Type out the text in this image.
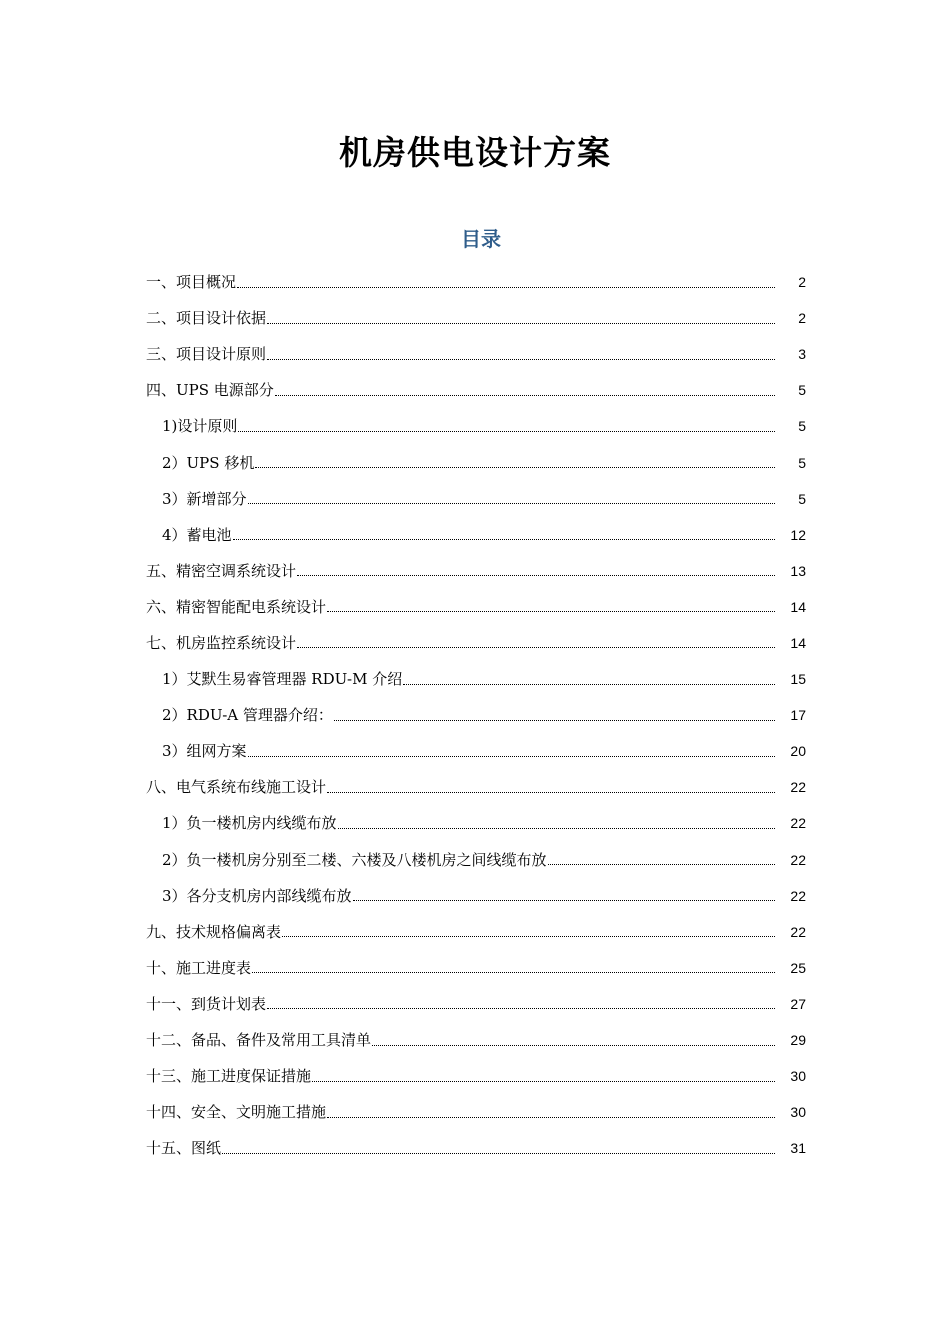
机房供电设计方案
目录
一、项目概况	2
二、项目设计依据	2
三、项目设计原则	3
四、UPS 电源部分	5
1)设计原则	5
2）UPS 移机	5
3）新增部分	5
4）蓄电池	12
五、精密空调系统设计	13
六、精密智能配电系统设计	14
七、机房监控系统设计	14
1）艾默生易睿管理器 RDU-M 介绍	15
2）RDU-A 管理器介绍：	17
3）组网方案	20
八、电气系统布线施工设计	22
1）负一楼机房内线缆布放	22
2）负一楼机房分别至二楼、六楼及八楼机房之间线缆布放	22
3）各分支机房内部线缆布放	22
九、技术规格偏离表	22
十、施工进度表	25
十一、到货计划表	27
十二、备品、备件及常用工具清单	29
十三、施工进度保证措施	30
十四、安全、文明施工措施	30
十五、图纸	31
